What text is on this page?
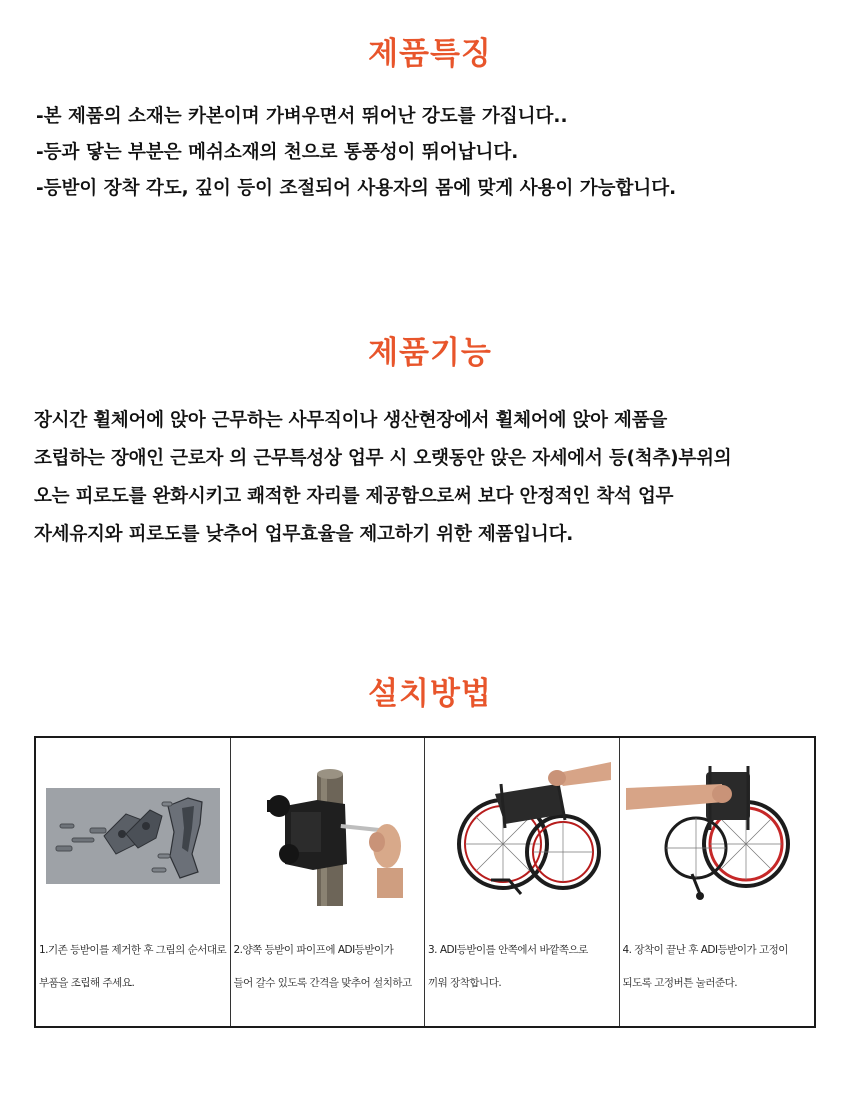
제품특징
-본 제품의 소재는 카본이며 가벼우면서 뛰어난 강도를 가집니다..
-등과 닿는 부분은 메쉬소재의 천으로 통풍성이 뛰어납니다.
-등받이 장착 각도, 깊이 등이 조절되어 사용자의 몸에 맞게 사용이 가능합니다.
제품기능

장시간 휠체어에 앉아 근무하는 사무직이나 생산현장에서 휠체어에 앉아 제품을

조립하는 장애인 근로자 의 근무특성상 업무 시 오랫동안 앉은 자세에서 등(척추)부위의

오는 피로도를 완화시키고 쾌적한 자리를 제공함으로써 보다 안정적인 착석 업무

자세유지와 피로도를 낮추어 업무효율을 제고하기 위한 제품입니다.

설치방법
1.기존 등받이를 제거한 후 그림의 순서대로
부품을 조립해 주세요.
2.양쪽 등받이 파이프에 ADI등받이가
들어 갈수 있도록 간격을 맞추어 설치하고
3. ADI등받이를 안쪽에서 바깥쪽으로
끼워 장착합니다.
4. 장착이 끝난 후 ADI등받이가 고정이
되도록 고정버튼 눌러준다.
